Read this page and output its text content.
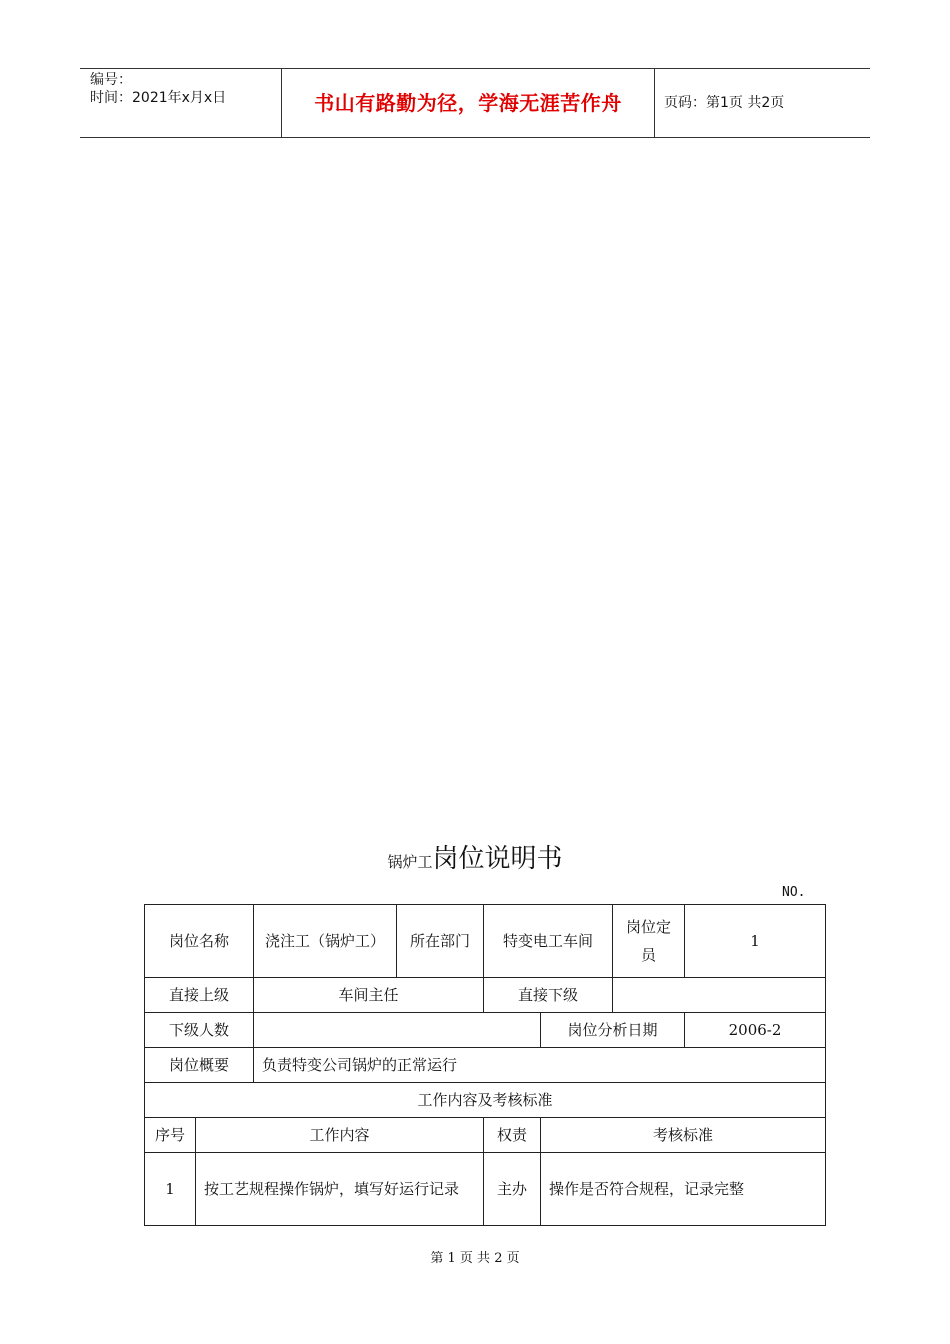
编号：
时间：2021年x月x日	书山有路勤为径，学海无涯苦作舟	页码：第1页 共2页
锅炉工岗位说明书
NO.
岗位名称		浇注工（锅炉工）	所在部门	特变电工车间		岗位定员	1
直接上级		车间主任		直接下级			
下级人数					岗位分析日期		2006-2
岗位概要		负责特变公司锅炉的正常运行					
工作内容及考核标准							
序号	工作内容			权责	考核标准		
1	按工艺规程操作锅炉，填写好运行记录			主办	操作是否符合规程，记录完整		
第 1 页 共 2 页
